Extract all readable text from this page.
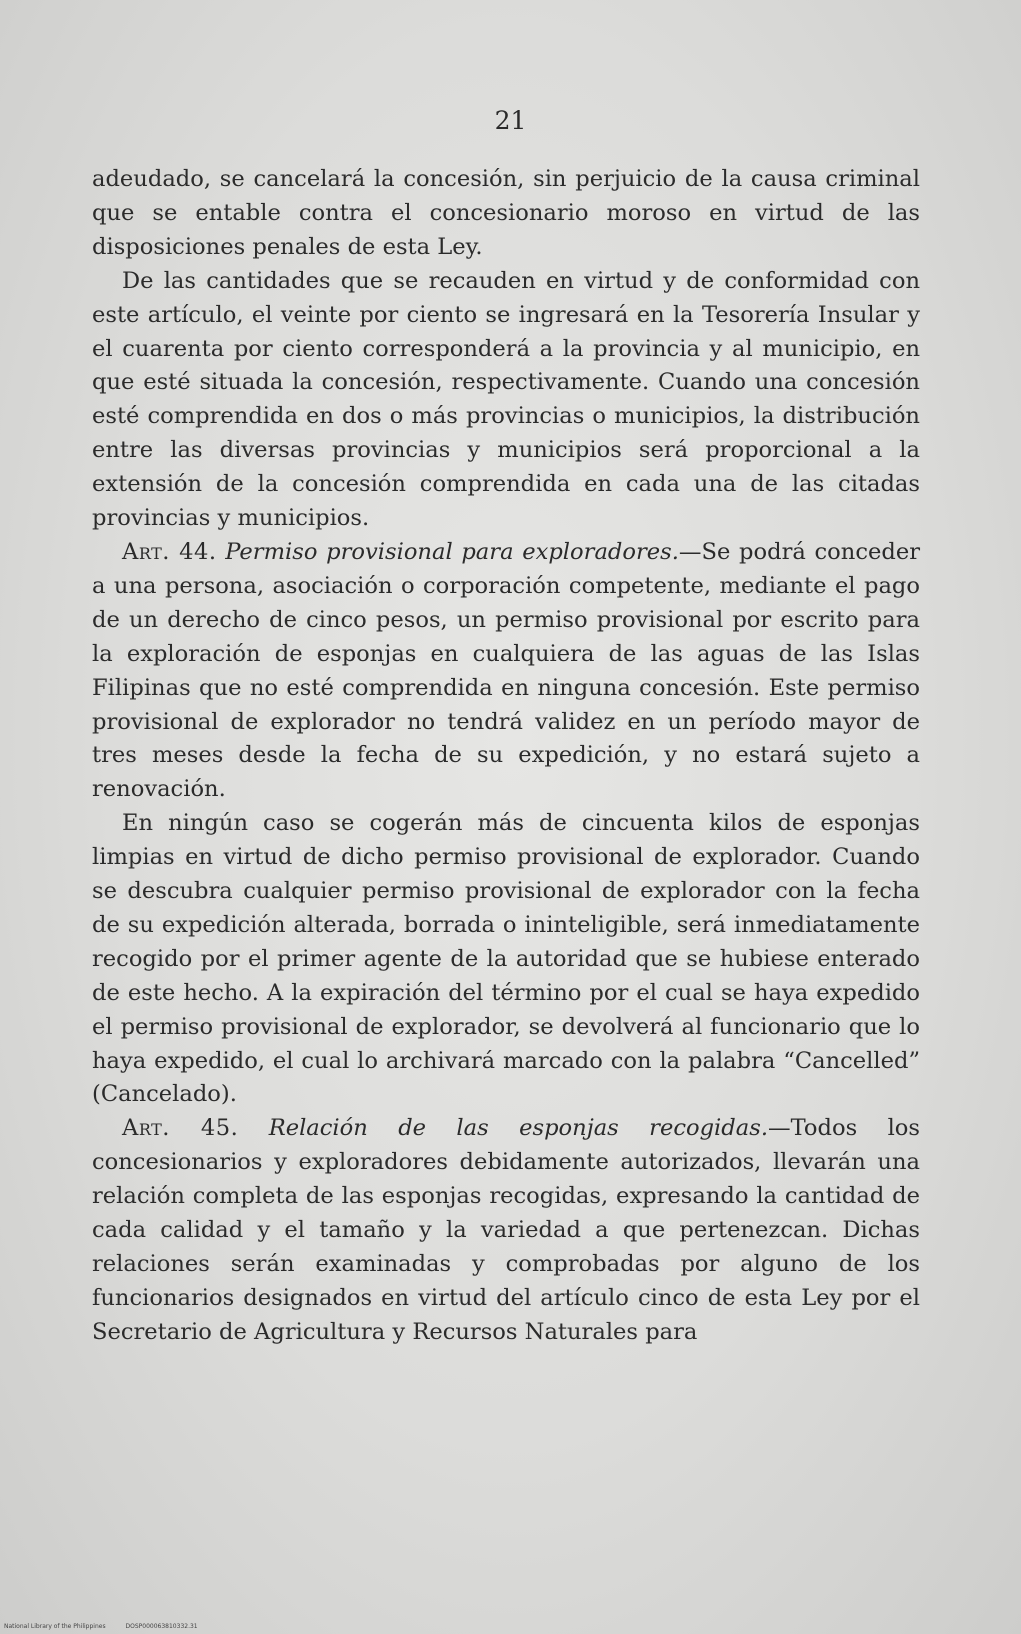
21

adeudado, se cancelará la concesión, sin perjuicio de la causa criminal que se entable contra el concesionario moroso en virtud de las disposiciones penales de esta Ley.

De las cantidades que se recauden en virtud y de conformidad con este artículo, el veinte por ciento se ingresará en la Tesorería Insular y el cuarenta por ciento corresponderá a la provincia y al municipio, en que esté situada la concesión, respectivamente. Cuando una concesión esté comprendida en dos o más provincias o municipios, la distribución entre las diversas provincias y municipios será proporcional a la extensión de la concesión comprendida en cada una de las citadas provincias y municipios.

Art. 44. Permiso provisional para exploradores.—Se podrá conceder a una persona, asociación o corporación competente, mediante el pago de un derecho de cinco pesos, un permiso provisional por escrito para la exploración de esponjas en cualquiera de las aguas de las Islas Filipinas que no esté comprendida en ninguna concesión. Este permiso provisional de explorador no tendrá validez en un período mayor de tres meses desde la fecha de su expedición, y no estará sujeto a renovación.

En ningún caso se cogerán más de cincuenta kilos de esponjas limpias en virtud de dicho permiso provisional de explorador. Cuando se descubra cualquier permiso provisional de explorador con la fecha de su expedición alterada, borrada o ininteligible, será inmediatamente recogido por el primer agente de la autoridad que se hubiese enterado de este hecho. A la expiración del término por el cual se haya expedido el permiso provisional de explorador, se devolverá al funcionario que lo haya expedido, el cual lo archivará marcado con la palabra “Cancelled” (Cancelado).

Art. 45. Relación de las esponjas recogidas.—Todos los concesionarios y exploradores debidamente autorizados, llevarán una relación completa de las esponjas recogidas, expresando la cantidad de cada calidad y el tamaño y la variedad a que pertenezcan. Dichas relaciones serán examinadas y comprobadas por alguno de los funcionarios designados en virtud del artículo cinco de esta Ley por el Secretario de Agricultura y Recursos Naturales para

National Library of the Philippines	DOSP000063810332.31
